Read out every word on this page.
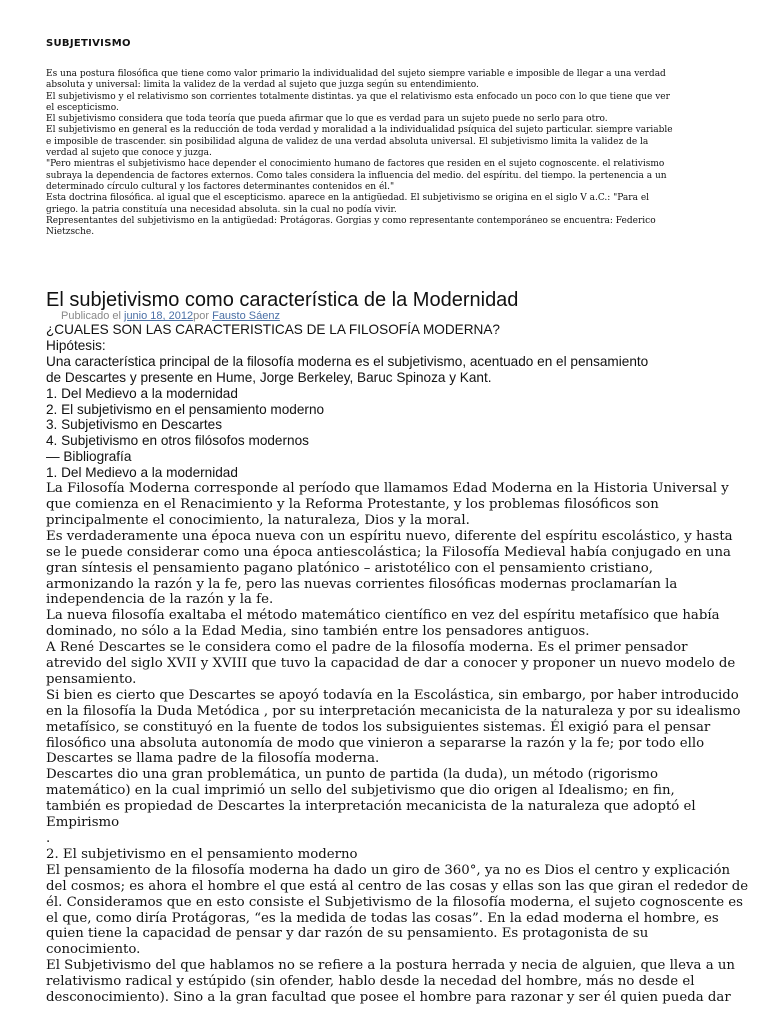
SUBJETIVISMO

Es una postura filosófica que tiene como valor primario la individualidad del sujeto siempre variable e imposible de llegar a una verdad

absoluta y universal: limita la validez de la verdad al sujeto que juzga según su entendimiento.

El subjetivismo y el relativismo son corrientes totalmente distintas. ya que el relativismo esta enfocado un poco con lo que tiene que ver

el escepticismo.

El subjetivismo considera que toda teoría que pueda afirmar que lo que es verdad para un sujeto puede no serlo para otro.

El subjetivismo en general es la reducción de toda verdad y moralidad a la individualidad psíquica del sujeto particular. siempre variable

e imposible de trascender. sin posibilidad alguna de validez de una verdad absoluta universal. El subjetivismo limita la validez de la

verdad al sujeto que conoce y juzga.

"Pero mientras el subjetivismo hace depender el conocimiento humano de factores que residen en el sujeto cognoscente. el relativismo

subraya la dependencia de factores externos. Como tales considera la influencia del medio. del espíritu. del tiempo. la pertenencia a un

determinado círculo cultural y los factores determinantes contenidos en él."

Esta doctrina filosófica. al igual que el escepticismo. aparece en la antigüedad. El subjetivismo se origina en el siglo V a.C.: "Para el

griego. la patria constituía una necesidad absoluta. sin la cual no podía vivir.

Representantes del subjetivismo en la antigüedad: Protágoras. Gorgias y como representante contemporáneo se encuentra: Federico

Nietzsche.

El subjetivismo como característica de la Modernidad
Publicado el junio 18, 2012por Fausto Sáenz

¿CUALES SON LAS CARACTERISTICAS DE LA FILOSOFÍA MODERNA?

Hipótesis:

Una característica principal de la filosofía moderna es el subjetivismo, acentuado en el pensamiento

de Descartes y presente en Hume, Jorge Berkeley, Baruc Spinoza y Kant.

1. Del Medievo a la modernidad

2. El subjetivismo en el pensamiento moderno

3. Subjetivismo en Descartes

4. Subjetivismo en otros filósofos modernos

— Bibliografía

1. Del Medievo a la modernidad

La Filosofía Moderna corresponde al período que llamamos Edad Moderna en la Historia Universal y

que comienza en el Renacimiento y la Reforma Protestante, y los problemas filosóficos son

principalmente el conocimiento, la naturaleza, Dios y la moral.

Es verdaderamente una época nueva con un espíritu nuevo, diferente del espíritu escolástico, y hasta

se le puede considerar como una época antiescolástica; la Filosofía Medieval había conjugado en una

gran síntesis el pensamiento pagano platónico – aristotélico con el pensamiento cristiano,

armonizando la razón y la fe, pero las nuevas corrientes filosóficas modernas proclamarían la

independencia de la razón y la fe.

La nueva filosofía exaltaba el método matemático científico en vez del espíritu metafísico que había

dominado, no sólo a la Edad Media, sino también entre los pensadores antiguos.

A René Descartes se le considera como el padre de la filosofía moderna. Es el primer pensador

atrevido del siglo XVII y XVIII que tuvo la capacidad de dar a conocer y proponer un nuevo modelo de

pensamiento.

Si bien es cierto que Descartes se apoyó todavía en la Escolástica, sin embargo, por haber introducido

en la filosofía la Duda Metódica , por su interpretación mecanicista de la naturaleza y por su idealismo

metafísico, se constituyó en la fuente de todos los subsiguientes sistemas. Él exigió para el pensar

filosófico una absoluta autonomía de modo que vinieron a separarse la razón y la fe; por todo ello

Descartes se llama padre de la filosofía moderna.

Descartes dio una gran problemática, un punto de partida (la duda), un método (rigorismo

matemático) en la cual imprimió un sello del subjetivismo que dio origen al Idealismo; en fin,

también es propiedad de Descartes la interpretación mecanicista de la naturaleza que adoptó el

Empirismo

.

2. El subjetivismo en el pensamiento moderno

El pensamiento de la filosofía moderna ha dado un giro de 360°, ya no es Dios el centro y explicación

del cosmos; es ahora el hombre el que está al centro de las cosas y ellas son las que giran el rededor de

él. Consideramos que en esto consiste el Subjetivismo de la filosofía moderna, el sujeto cognoscente es

el que, como diría Protágoras, “es la medida de todas las cosas”. En la edad moderna el hombre, es

quien tiene la capacidad de pensar y dar razón de su pensamiento. Es protagonista de su

conocimiento.

El Subjetivismo del que hablamos no se refiere a la postura herrada y necia de alguien, que lleva a un

relativismo radical y estúpido (sin ofender, hablo desde la necedad del hombre, más no desde el

desconocimiento). Sino a la gran facultad que posee el hombre para razonar y ser él quien pueda dar
